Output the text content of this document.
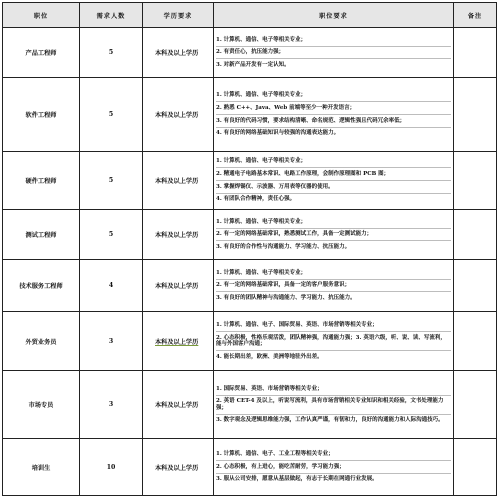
职位	需求人数	学历要求	职位要求	备注
产品工程师	5	本科及以上学历	1. 计算机、通信、电子等相关专业；
2. 有责任心，抗压能力强；
3. 对新产品开发有一定认知。	

软件工程师	5	本科及以上学历	1. 计算机、通信、电子等相关专业；
2. 熟悉 C++、Java、Web 前端等至少一种开发语言；
3. 有良好的代码习惯，要求结构清晰、命名规范、逻辑性强且代码冗余率低；
4. 有良好的网络基础知识与较强的沟通表达能力。	

硬件工程师	5	本科及以上学历	1. 计算机、通信、电子等相关专业；
2. 精通电子电路基本常识、电路工作原理，会制作原理图和 PCB 图；
3. 掌握焊锡仪、示波器、万用表等仪器的使用。
4. 有团队合作精神，责任心强。	

测试工程师	5	本科及以上学历	1. 计算机、通信、电子等相关专业；
2. 有一定的网络基础常识，熟悉测试工作，具备一定测试能力；
3. 有良好的合作性与沟通能力、学习能力、抗压能力。	

技术服务工程师	4	本科及以上学历	1. 计算机、通信、电子等相关专业；
2. 有一定的网络基础常识，具备一定的客户服务意识；
3. 有良好的团队精神与沟通能力、学习能力、抗压能力。	

外贸业务员	3	本科及以上学历	1. 计算机、通信、电子、国际贸易、英语、市场营销等相关专业；
2. 心态积极，性格乐观活泼，团队精神强，沟通能力强；3. 英语六级，听、说、读、写流利，能与外国客户沟通；
4. 能长期出差，欧洲、美洲等地驻外出差。	

市场专员	3	本科及以上学历	1. 国际贸易、英语、市场营销等相关专业；
2. 英语 CET-4 及以上，听说写流利，具有市场营销相关专业知识和相关经验，文书处理能力强；
3. 数字观念及逻辑思维能力强，工作认真严谨，有韧和力，良好的沟通能力和人际沟通技巧。	

培训生	10	本科及以上学历	1. 计算机、通信、电子、工业工程等相关专业；
2. 心态积极，有上进心，能吃苦耐劳，学习能力强；
3. 服从公司安排，愿意从基层做起，有志于长期在网通行业发展。	
